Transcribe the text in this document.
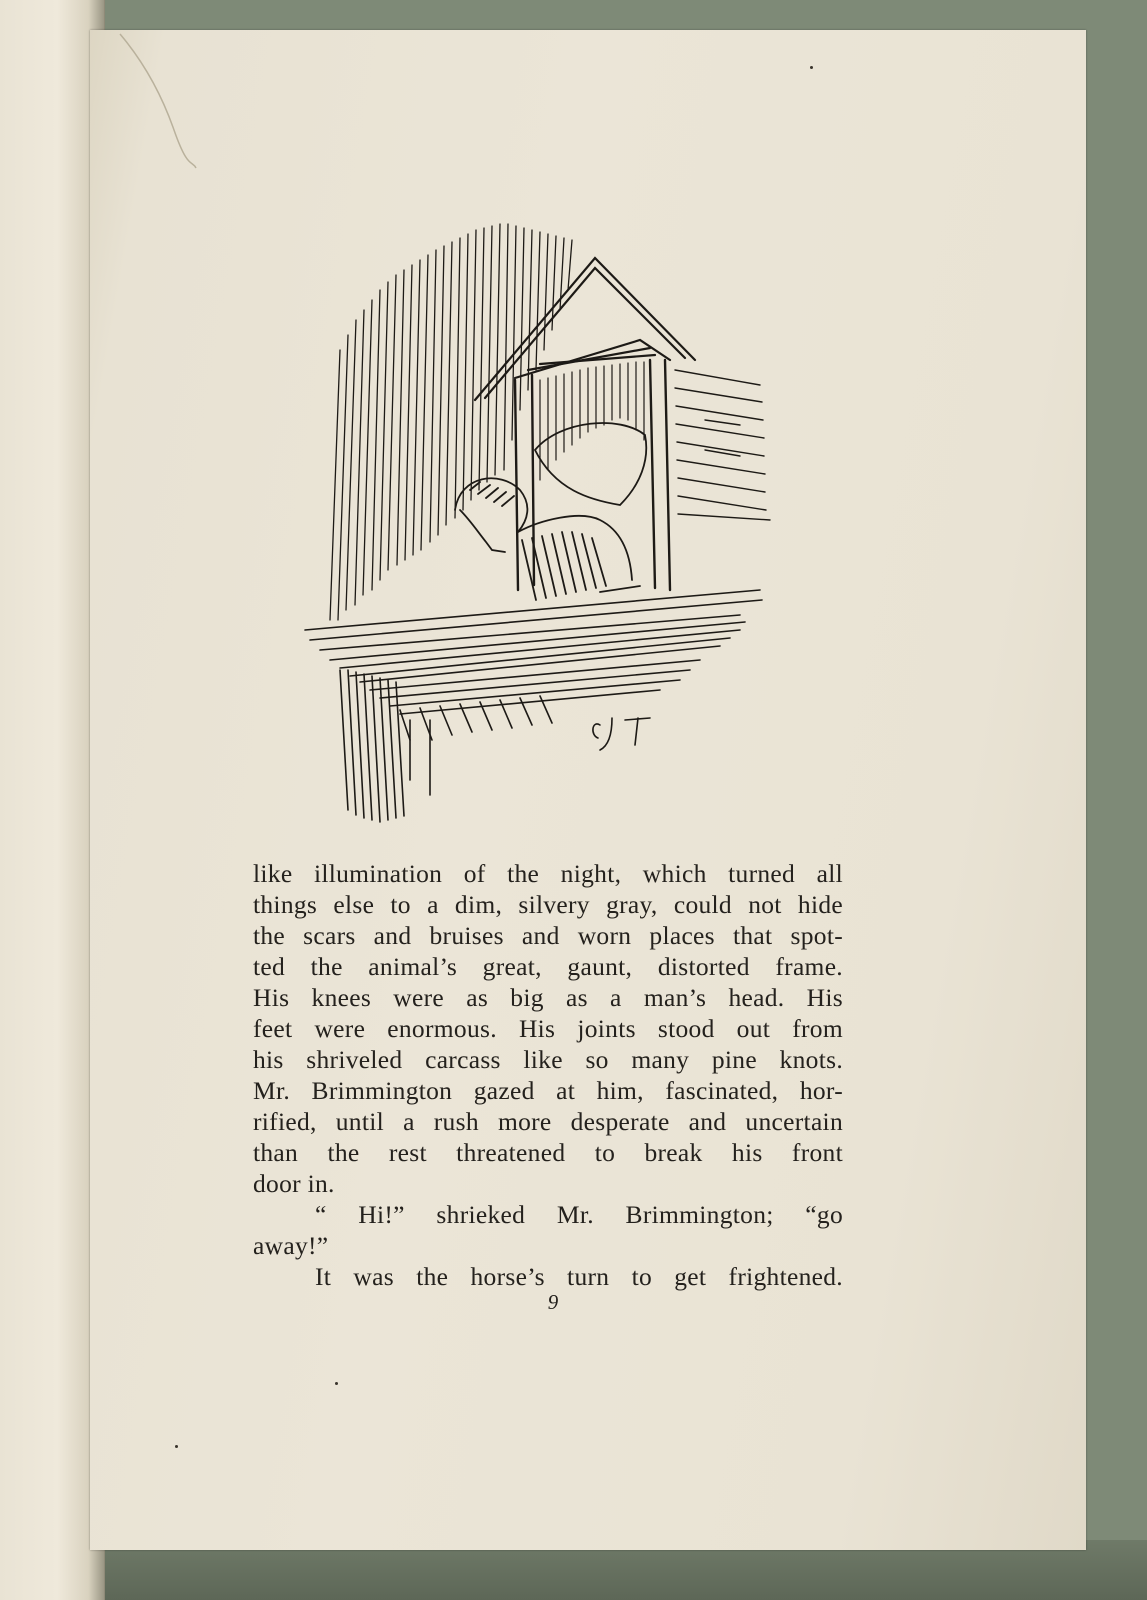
like illumination of the night, which turned all
things else to a dim, silvery gray, could not hide
the scars and bruises and worn places that spot-
ted the animal’s great, gaunt, distorted frame.
His knees were as big as a man’s head. His
feet were enormous. His joints stood out from
his shriveled carcass like so many pine knots.
Mr. Brimmington gazed at him, fascinated, hor-
rified, until a rush more desperate and uncertain
than the rest threatened to break his front
door in.
“ Hi!” shrieked Mr. Brimmington; “go
away!”
It was the horse’s turn to get frightened.
9
